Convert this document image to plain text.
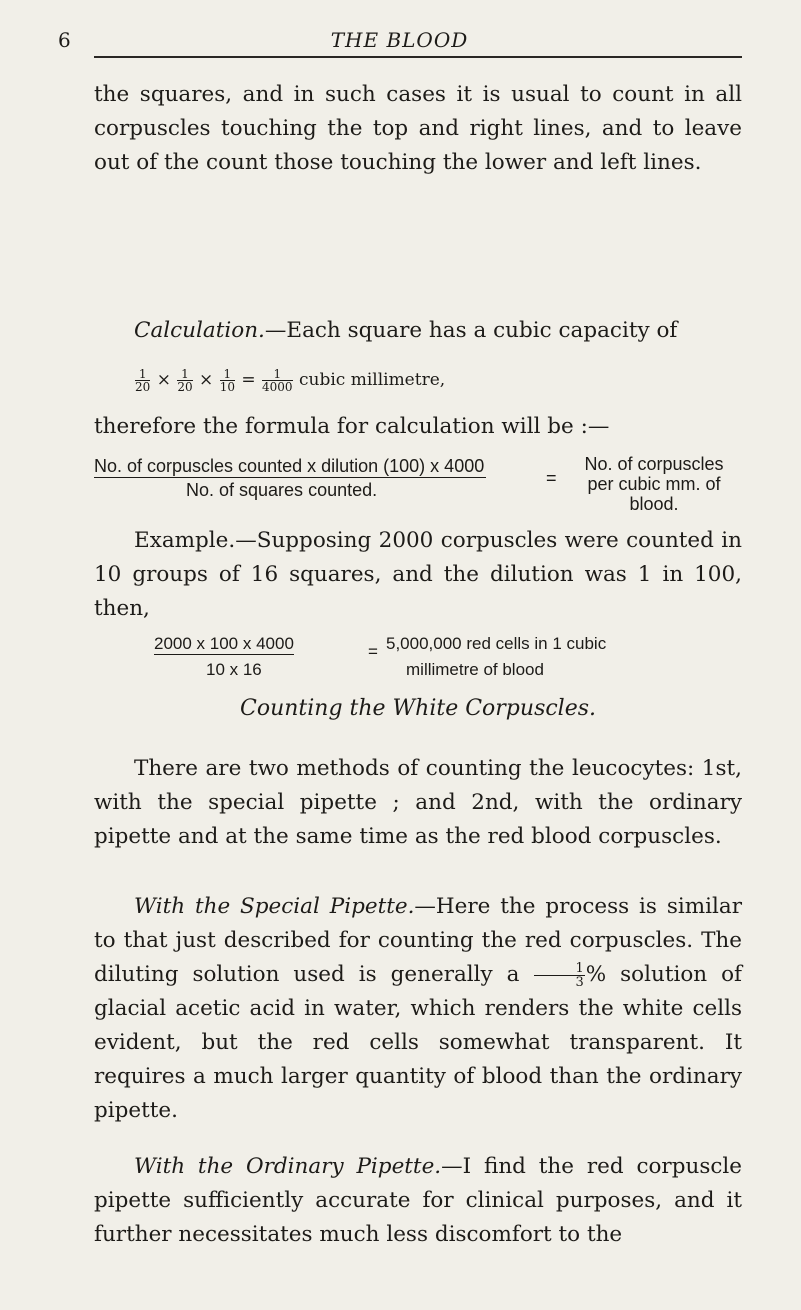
6	THE BLOOD

the squares, and in such cases it is usual to count in all corpuscles touching the top and right lines, and to leave out of the count those touching the lower and left lines.

Calculation.—Each square has a cubic capacity of

$\frac{1}{20} \times \frac{1}{20} \times \frac{1}{10} = \frac{1}{4000}$ cubic millimetre,

therefore the formula for calculation will be :—

No. of corpuscles counted x dilution (100) x 4000
No. of squares counted.
=
No. of corpuscles
per cubic mm. of
blood.

Example.—Supposing 2000 corpuscles were counted in 10 groups of 16 squares, and the dilution was 1 in 100, then,

2000 x 100 x 4000
10 x 16
= 5,000,000 red cells in 1 cubic
millimetre of blood
Counting the White Corpuscles.

There are two methods of counting the leucocytes: 1st, with the special pipette ; and 2nd, with the ordinary pipette and at the same time as the red blood corpuscles.

With the Special Pipette.—Here the process is similar to that just described for counting the red corpuscles. The diluting solution used is generally a $\frac{1}{3}$ % solution of glacial acetic acid in water, which renders the white cells evident, but the red cells somewhat transparent. It requires a much larger quantity of blood than the ordinary pipette.

With the Ordinary Pipette.—I find the red corpuscle pipette sufficiently accurate for clinical purposes, and it further necessitates much less discomfort to the
